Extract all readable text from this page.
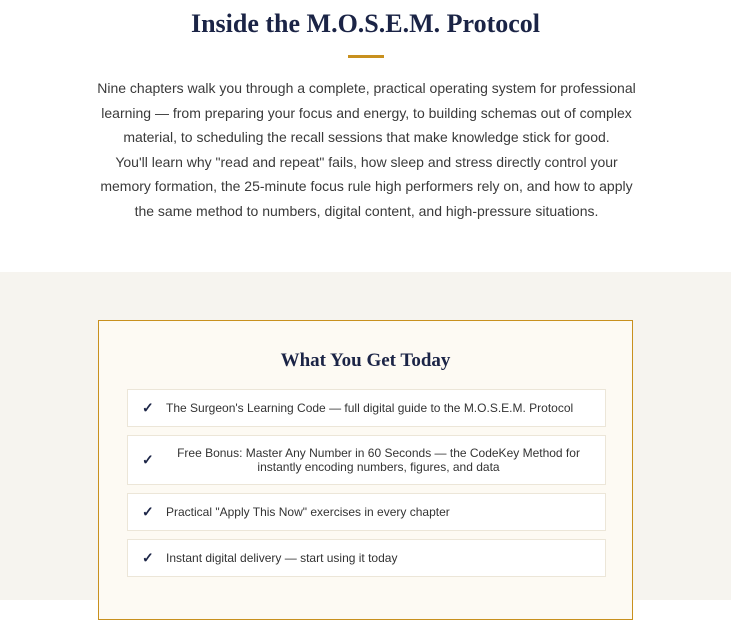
Inside the M.O.S.E.M. Protocol

Nine chapters walk you through a complete, practical operating system for professional learning — from preparing your focus and energy, to building schemas out of complex material, to scheduling the recall sessions that make knowledge stick for good.

You'll learn why "read and repeat" fails, how sleep and stress directly control your memory formation, the 25-minute focus rule high performers rely on, and how to apply the same method to numbers, digital content, and high-pressure situations.

What You Get Today
✓ The Surgeon's Learning Code — full digital guide to the M.O.S.E.M. Protocol
✓	Free Bonus: Master Any Number in 60 Seconds — the CodeKey Method for instantly encoding numbers, figures, and data
✓ Practical "Apply This Now" exercises in every chapter
✓ Instant digital delivery — start using it today
